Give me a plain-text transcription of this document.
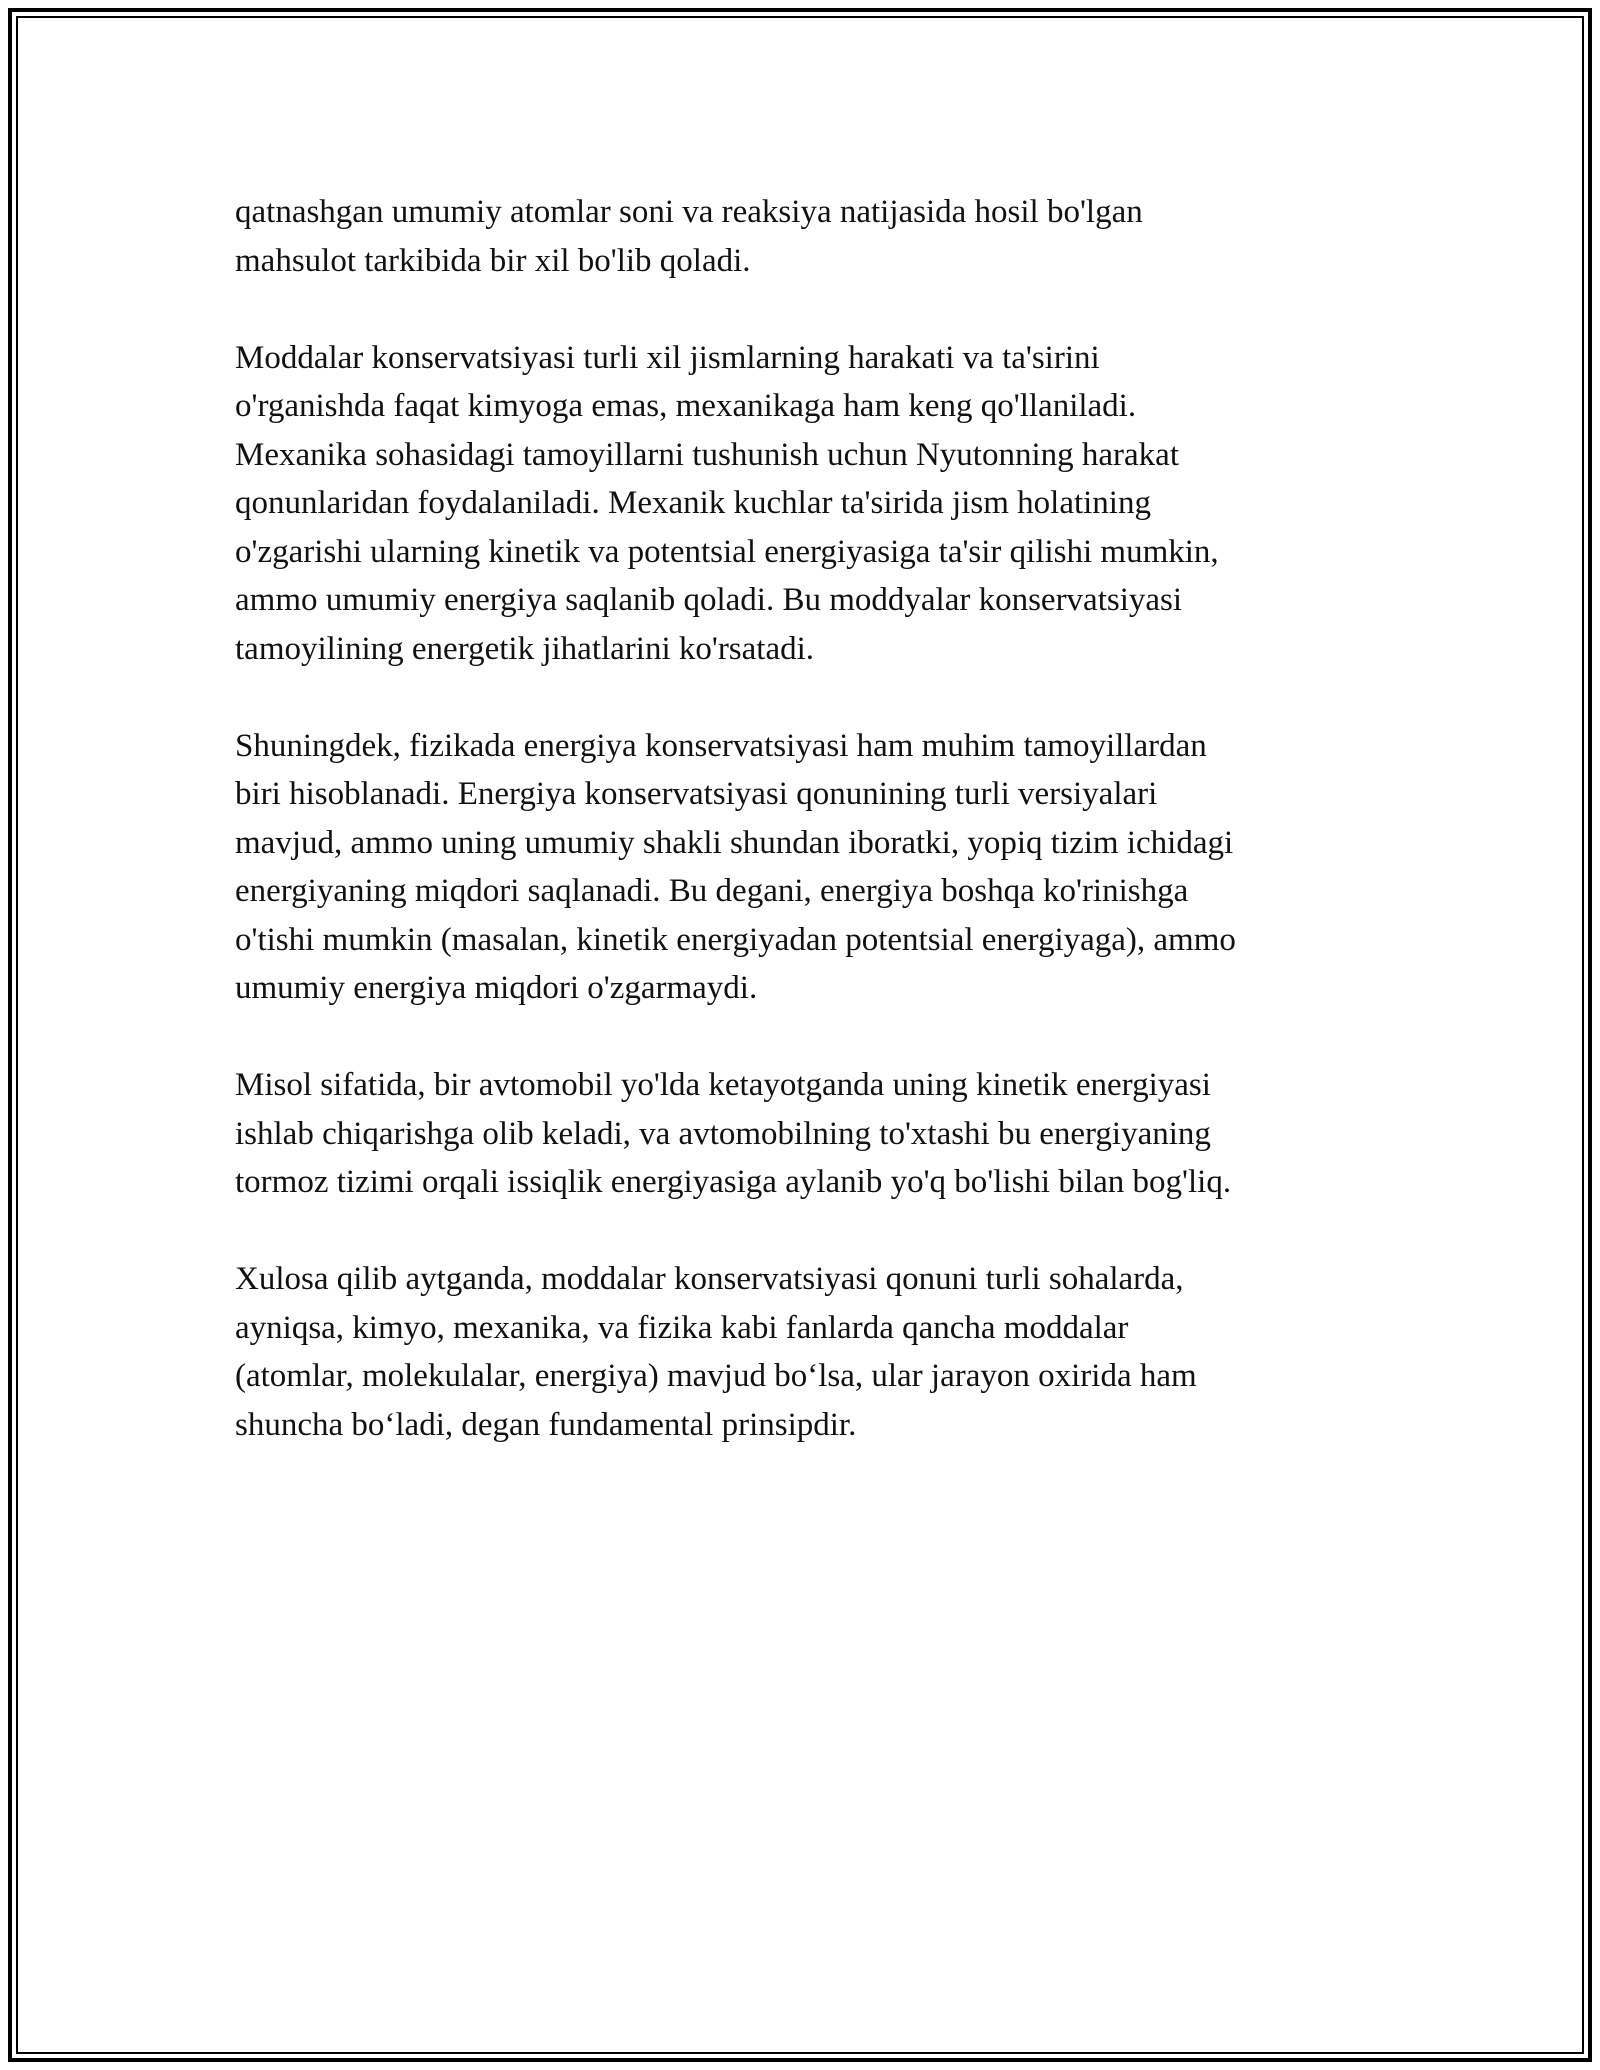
qatnashgan umumiy atomlar soni va reaksiya natijasida hosil bo'lgan
mahsulot tarkibida bir xil bo'lib qoladi.

Moddalar konservatsiyasi turli xil jismlarning harakati va ta'sirini
o'rganishda faqat kimyoga emas, mexanikaga ham keng qo'llaniladi.
Mexanika sohasidagi tamoyillarni tushunish uchun Nyutonning harakat
qonunlaridan foydalaniladi. Mexanik kuchlar ta'sirida jism holatining
o'zgarishi ularning kinetik va potentsial energiyasiga ta'sir qilishi mumkin,
ammo umumiy energiya saqlanib qoladi. Bu moddyalar konservatsiyasi
tamoyilining energetik jihatlarini ko'rsatadi.

Shuningdek, fizikada energiya konservatsiyasi ham muhim tamoyillardan
biri hisoblanadi. Energiya konservatsiyasi qonunining turli versiyalari
mavjud, ammo uning umumiy shakli shundan iboratki, yopiq tizim ichidagi
energiyaning miqdori saqlanadi. Bu degani, energiya boshqa ko'rinishga
o'tishi mumkin (masalan, kinetik energiyadan potentsial energiyaga), ammo
umumiy energiya miqdori o'zgarmaydi.

Misol sifatida, bir avtomobil yo'lda ketayotganda uning kinetik energiyasi
ishlab chiqarishga olib keladi, va avtomobilning to'xtashi bu energiyaning
tormoz tizimi orqali issiqlik energiyasiga aylanib yo'q bo'lishi bilan bog'liq.

Xulosa qilib aytganda, moddalar konservatsiyasi qonuni turli sohalarda,
ayniqsa, kimyo, mexanika, va fizika kabi fanlarda qancha moddalar
(atomlar, molekulalar, energiya) mavjud bo‘lsa, ular jarayon oxirida ham
shuncha bo‘ladi, degan fundamental prinsipdir.
